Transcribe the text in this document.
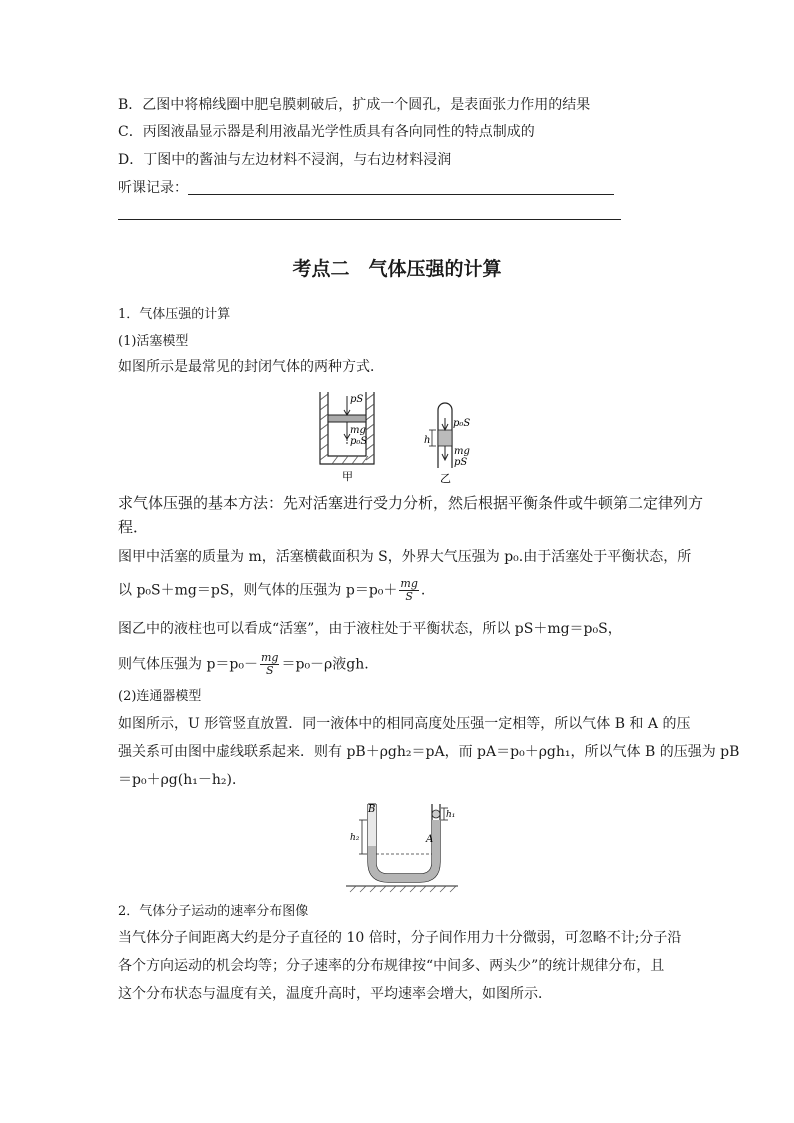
B．乙图中将棉线圈中肥皂膜刺破后，扩成一个圆孔，是表面张力作用的结果
C．丙图液晶显示器是利用液晶光学性质具有各向同性的特点制成的
D．丁图中的酱油与左边材料不浸润，与右边材料浸润
听课记录：
考点二　气体压强的计算
1．气体压强的计算
(1)活塞模型
如图所示是最常见的封闭气体的两种方式．
pS
mg
p₀S
甲
p₀S
h
mg
pS
乙
求气体压强的基本方法：先对活塞进行受力分析，然后根据平衡条件或牛顿第二定律列方
程．
图甲中活塞的质量为 m，活塞横截面积为 S，外界大气压强为 p₀.由于活塞处于平衡状态，所
以 p₀S＋mg＝pS，则气体的压强为 $p=p_0+ \frac{mg}{S}$ .
图乙中的液柱也可以看成“活塞”，由于液柱处于平衡状态，所以 pS＋mg＝p₀S，
则气体压强为 $p=p_0- \frac{mg}{S} =p_0-\rho$液gh.
(2)连通器模型
如图所示，U 形管竖直放置．同一液体中的相同高度处压强一定相等，所以气体 B 和 A 的压
强关系可由图中虚线联系起来．则有 pB＋ρgh₂＝pA，而 pA＝p₀＋ρgh₁，所以气体 B 的压强为 pB
＝p₀＋ρg(h₁－h₂)．
B
A
h₁
h₂
2．气体分子运动的速率分布图像
当气体分子间距离大约是分子直径的 10 倍时，分子间作用力十分微弱，可忽略不计;分子沿
各个方向运动的机会均等；分子速率的分布规律按“中间多、两头少”的统计规律分布，且
这个分布状态与温度有关，温度升高时，平均速率会增大，如图所示．
